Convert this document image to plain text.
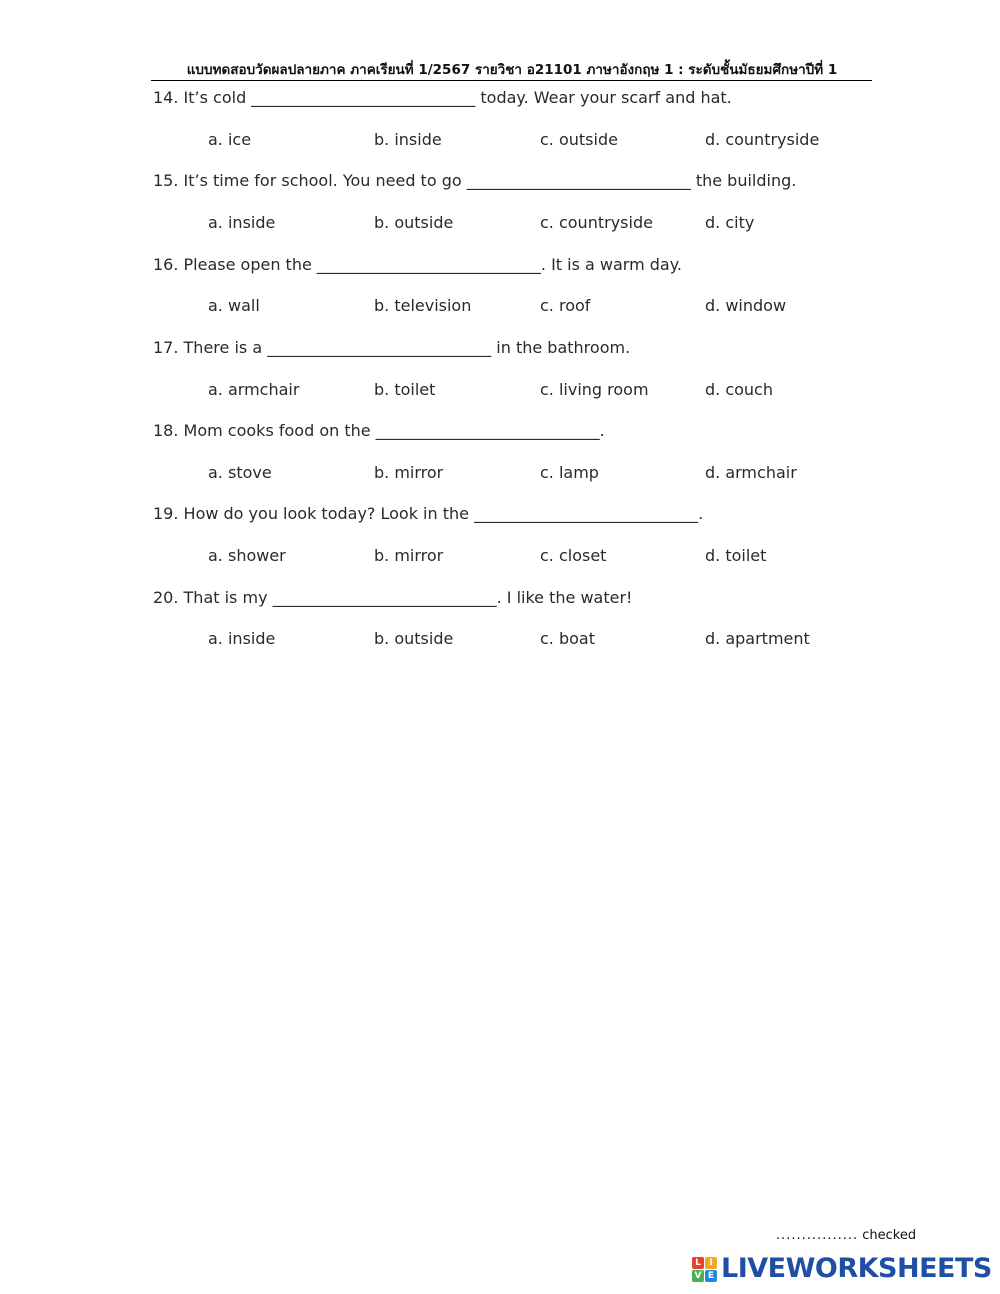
แบบทดสอบวัดผลปลายภาค ภาคเรียนที่ 1/2567 รายวิชา อ21101 ภาษาอังกฤษ 1 : ระดับชั้นมัธยมศึกษาปีที่ 1
14. It’s cold ____________________________ today. Wear your scarf and hat.
a. ice	b. inside	c. outside	d. countryside
15. It’s time for school. You need to go ____________________________ the building.
a. inside	b. outside	c. countryside	d. city
16. Please open the ____________________________. It is a warm day.
a. wall	b. television	c. roof	d. window
17. There is a ____________________________ in the bathroom.
a. armchair	b. toilet	c. living room	d. couch
18. Mom cooks food on the ____________________________.
a. stove	b. mirror	c. lamp	d. armchair
19. How do you look today? Look in the ____________________________.
a. shower	b. mirror	c. closet	d. toilet
20. That is my ____________________________. I like the water!
a. inside	b. outside	c. boat	d. apartment
................ checked
L I
V E LIVEWORKSHEETS
